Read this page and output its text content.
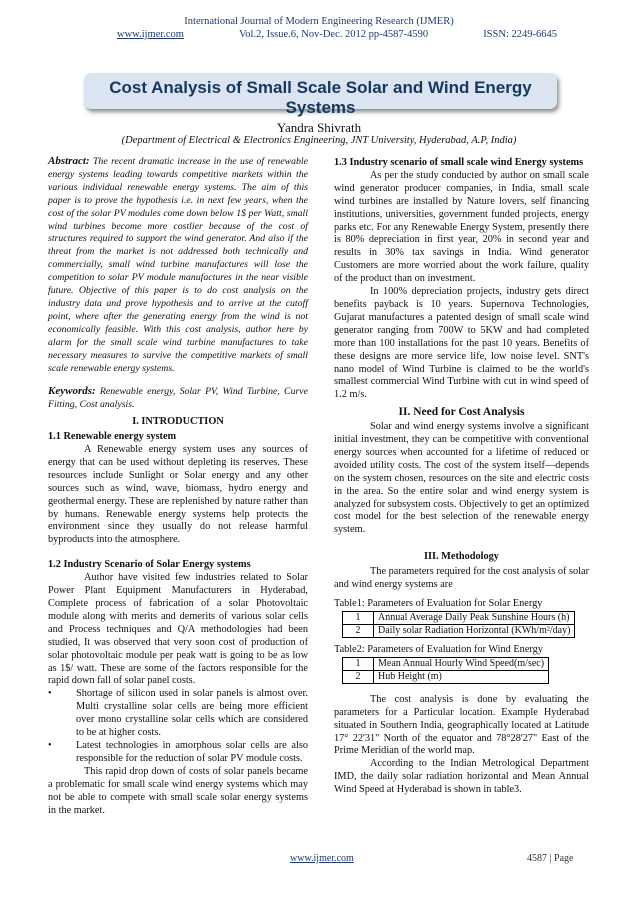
International Journal of Modern Engineering Research (IJMER)
www.ijmer.com	Vol.2, Issue.6, Nov-Dec. 2012 pp-4587-4590	ISSN: 2249-6645
Cost Analysis of Small Scale Solar and Wind Energy Systems
Yandra Shivrath
(Department of Electrical & Electronics Engineering, JNT University, Hyderabad, A.P, India)

Abstract: The recent dramatic increase in the use of renewable energy systems leading towards competitive markets within the various individual renewable energy systems. The aim of this paper is to prove the hypothesis i.e. in next few years, when the cost of the solar PV modules come down below 1$ per Watt, small wind turbines become more costlier because of the cost of structures required to support the wind generator. And also if the threat from the market is not addressed both technically and commercially, small wind turbine manufactures will lose the competition to solar PV module manufactures in the near visible future. Objective of this paper is to do cost analysis on the industry data and prove hypothesis and to arrive at the cutoff point, where after the generating energy from the wind is not economically feasible. With this cost analysis, author here by alarm for the small scale wind turbine manufactures to take necessary measures to survive the competitive markets of small scale renewable energy systems.

Keywords: Renewable energy, Solar PV, Wind Turbine, Curve Fitting, Cost analysis.

I. INTRODUCTION
1.1 Renewable energy system

A Renewable energy system uses any sources of energy that can be used without depleting its reserves. These resources include Sunlight or Solar energy and any other sources such as wind, wave, biomass, hydro energy and geothermal energy. These are replenished by nature rather than by humans. Renewable energy systems help protects the environment since they usually do not release harmful byproducts into the atmosphere.

1.2 Industry Scenario of Solar Energy systems

Author have visited few industries related to Solar Power Plant Equipment Manufacturers in Hyderabad, Complete process of fabrication of a solar Photovoltaic module along with merits and demerits of various solar cells and Process techniques and Q/A methodologies had been studied, It was observed that very soon cost of production of solar photovoltaic module per peak watt is going to be as low as 1$/ watt. These are some of the factors responsible for the rapid down fall of solar panel costs.

•	Shortage of silicon used in solar panels is almost over. Multi crystalline solar cells are being more efficient over mono crystalline solar cells which are considered to be at higher costs.
•	Latest technologies in amorphous solar cells are also responsible for the reduction of solar PV module costs.

This rapid drop down of costs of solar panels became a problematic for small scale wind energy systems which may not be able to compete with small scale solar energy systems in the market.

1.3 Industry scenario of small scale wind Energy systems

As per the study conducted by author on small scale wind generator producer companies, in India, small scale wind turbines are installed by Nature lovers, self financing institutions, universities, government funded projects, energy parks etc. For any Renewable Energy System, presently there is 80% depreciation in first year, 20% in second year and results in 30% tax savings in India. Wind generator Customers are more worried about the work failure, quality of the product than on investment.

In 100% depreciation projects, industry gets direct benefits payback is 10 years. Supernova Technologies, Gujarat manufactures a patented design of small scale wind generator ranging from 700W to 5KW and had completed more than 100 installations for the past 10 years. Benefits of these designs are more service life, low noise level. SNT's nano model of Wind Turbine is claimed to be the world's smallest commercial Wind Turbine with cut in wind speed of 1.2 m/s.

II. Need for Cost Analysis

Solar and wind energy systems involve a significant initial investment, they can be competitive with conventional energy sources when accounted for a lifetime of reduced or avoided utility costs. The cost of the system itself—depends on the system chosen, resources on the site and electric costs in the area. So the entire solar and wind energy system is analyzed for subsystem costs. Objectively to get an optimized cost model for the best selection of the renewable energy system.

III. Methodology

The parameters required for the cost analysis of solar and wind energy systems are

Table1: Parameters of Evaluation for Solar Energy
1	Annual Average Daily Peak Sunshine Hours (h)
2	Daily solar Radiation Horizontal (KWh/m²/day)
Table2: Parameters of Evaluation for Wind Energy
1	Mean Annual Hourly Wind Speed(m/sec)
2	Hub Height (m)

The cost analysis is done by evaluating the parameters for a Particular location. Example Hyderabad situated in Southern India, geographically located at Latitude 17° 22'31" North of the equator and 78°28'27" East of the Prime Meridian of the world map.

According to the Indian Metrological Department IMD, the daily solar radiation horizontal and Mean Annual Wind Speed at Hyderabad is shown in table3.

www.ijmer.com	4587 | Page
